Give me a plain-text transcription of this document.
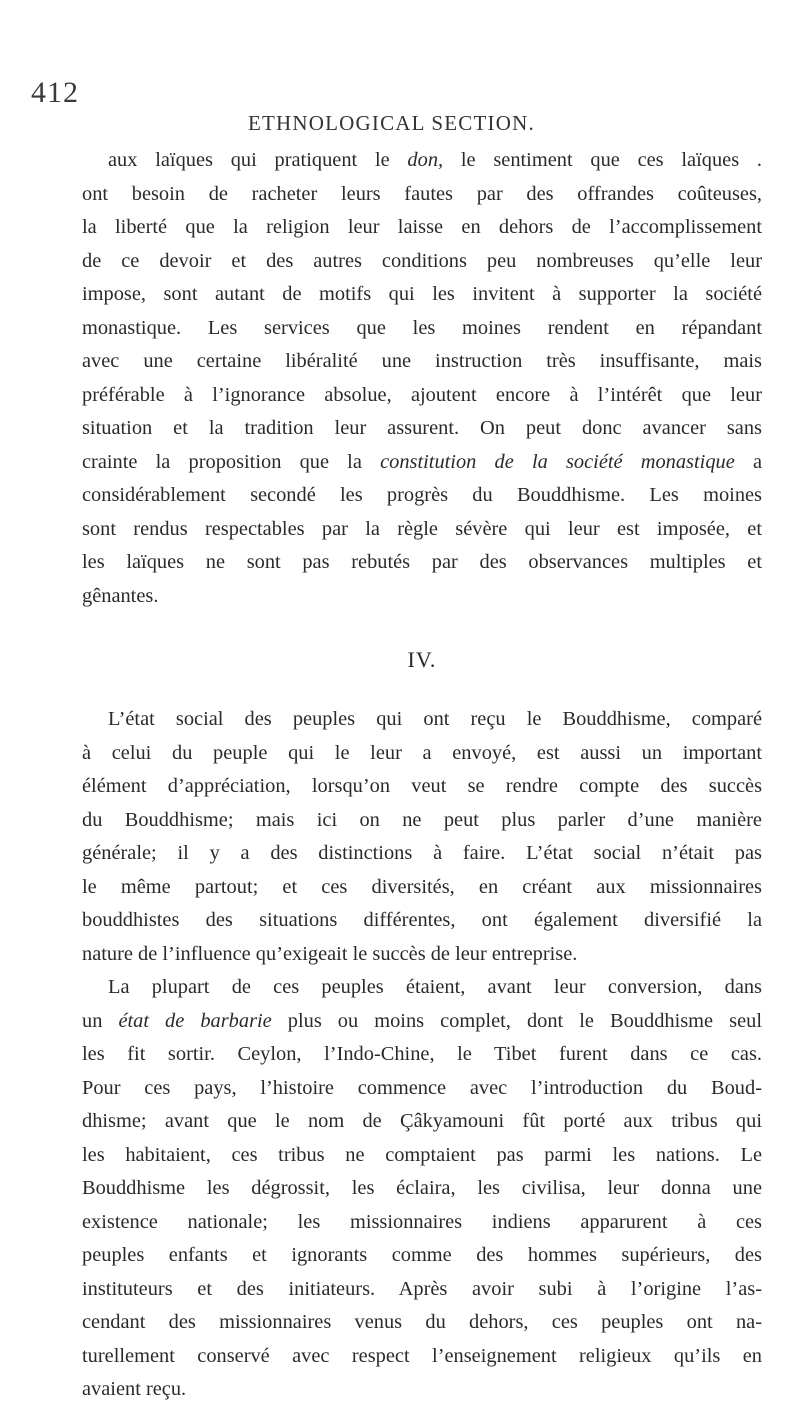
412
ETHNOLOGICAL SECTION.
aux laïques qui pratiquent le don, le sentiment que ces laïques .
ont besoin de racheter leurs fautes par des offrandes coûteuses,
la liberté que la religion leur laisse en dehors de l’accomplissement
de ce devoir et des autres conditions peu nombreuses qu’elle leur
impose, sont autant de motifs qui les invitent à supporter la société
monastique. Les services que les moines rendent en répandant
avec une certaine libéralité une instruction très insuffisante, mais
préférable à l’ignorance absolue, ajoutent encore à l’intérêt que leur
situation et la tradition leur assurent. On peut donc avancer sans
crainte la proposition que la constitution de la société monastique a
considérablement secondé les progrès du Bouddhisme. Les moines
sont rendus respectables par la règle sévère qui leur est imposée, et
les laïques ne sont pas rebutés par des observances multiples et
gênantes.
IV.
L’état social des peuples qui ont reçu le Bouddhisme, comparé
à celui du peuple qui le leur a envoyé, est aussi un important
élément d’appréciation, lorsqu’on veut se rendre compte des succès
du Bouddhisme; mais ici on ne peut plus parler d’une manière
générale; il y a des distinctions à faire. L’état social n’était pas
le même partout; et ces diversités, en créant aux missionnaires
bouddhistes des situations différentes, ont également diversifié la
nature de l’influence qu’exigeait le succès de leur entreprise.
La plupart de ces peuples étaient, avant leur conversion, dans
un état de barbarie plus ou moins complet, dont le Bouddhisme seul
les fit sortir. Ceylon, l’Indo-Chine, le Tibet furent dans ce cas.
Pour ces pays, l’histoire commence avec l’introduction du Boud-
dhisme; avant que le nom de Çâkyamouni fût porté aux tribus qui
les habitaient, ces tribus ne comptaient pas parmi les nations. Le
Bouddhisme les dégrossit, les éclaira, les civilisa, leur donna une
existence nationale; les missionnaires indiens apparurent à ces
peuples enfants et ignorants comme des hommes supérieurs, des
instituteurs et des initiateurs. Après avoir subi à l’origine l’as-
cendant des missionnaires venus du dehors, ces peuples ont na-
turellement conservé avec respect l’enseignement religieux qu’ils en
avaient reçu.
